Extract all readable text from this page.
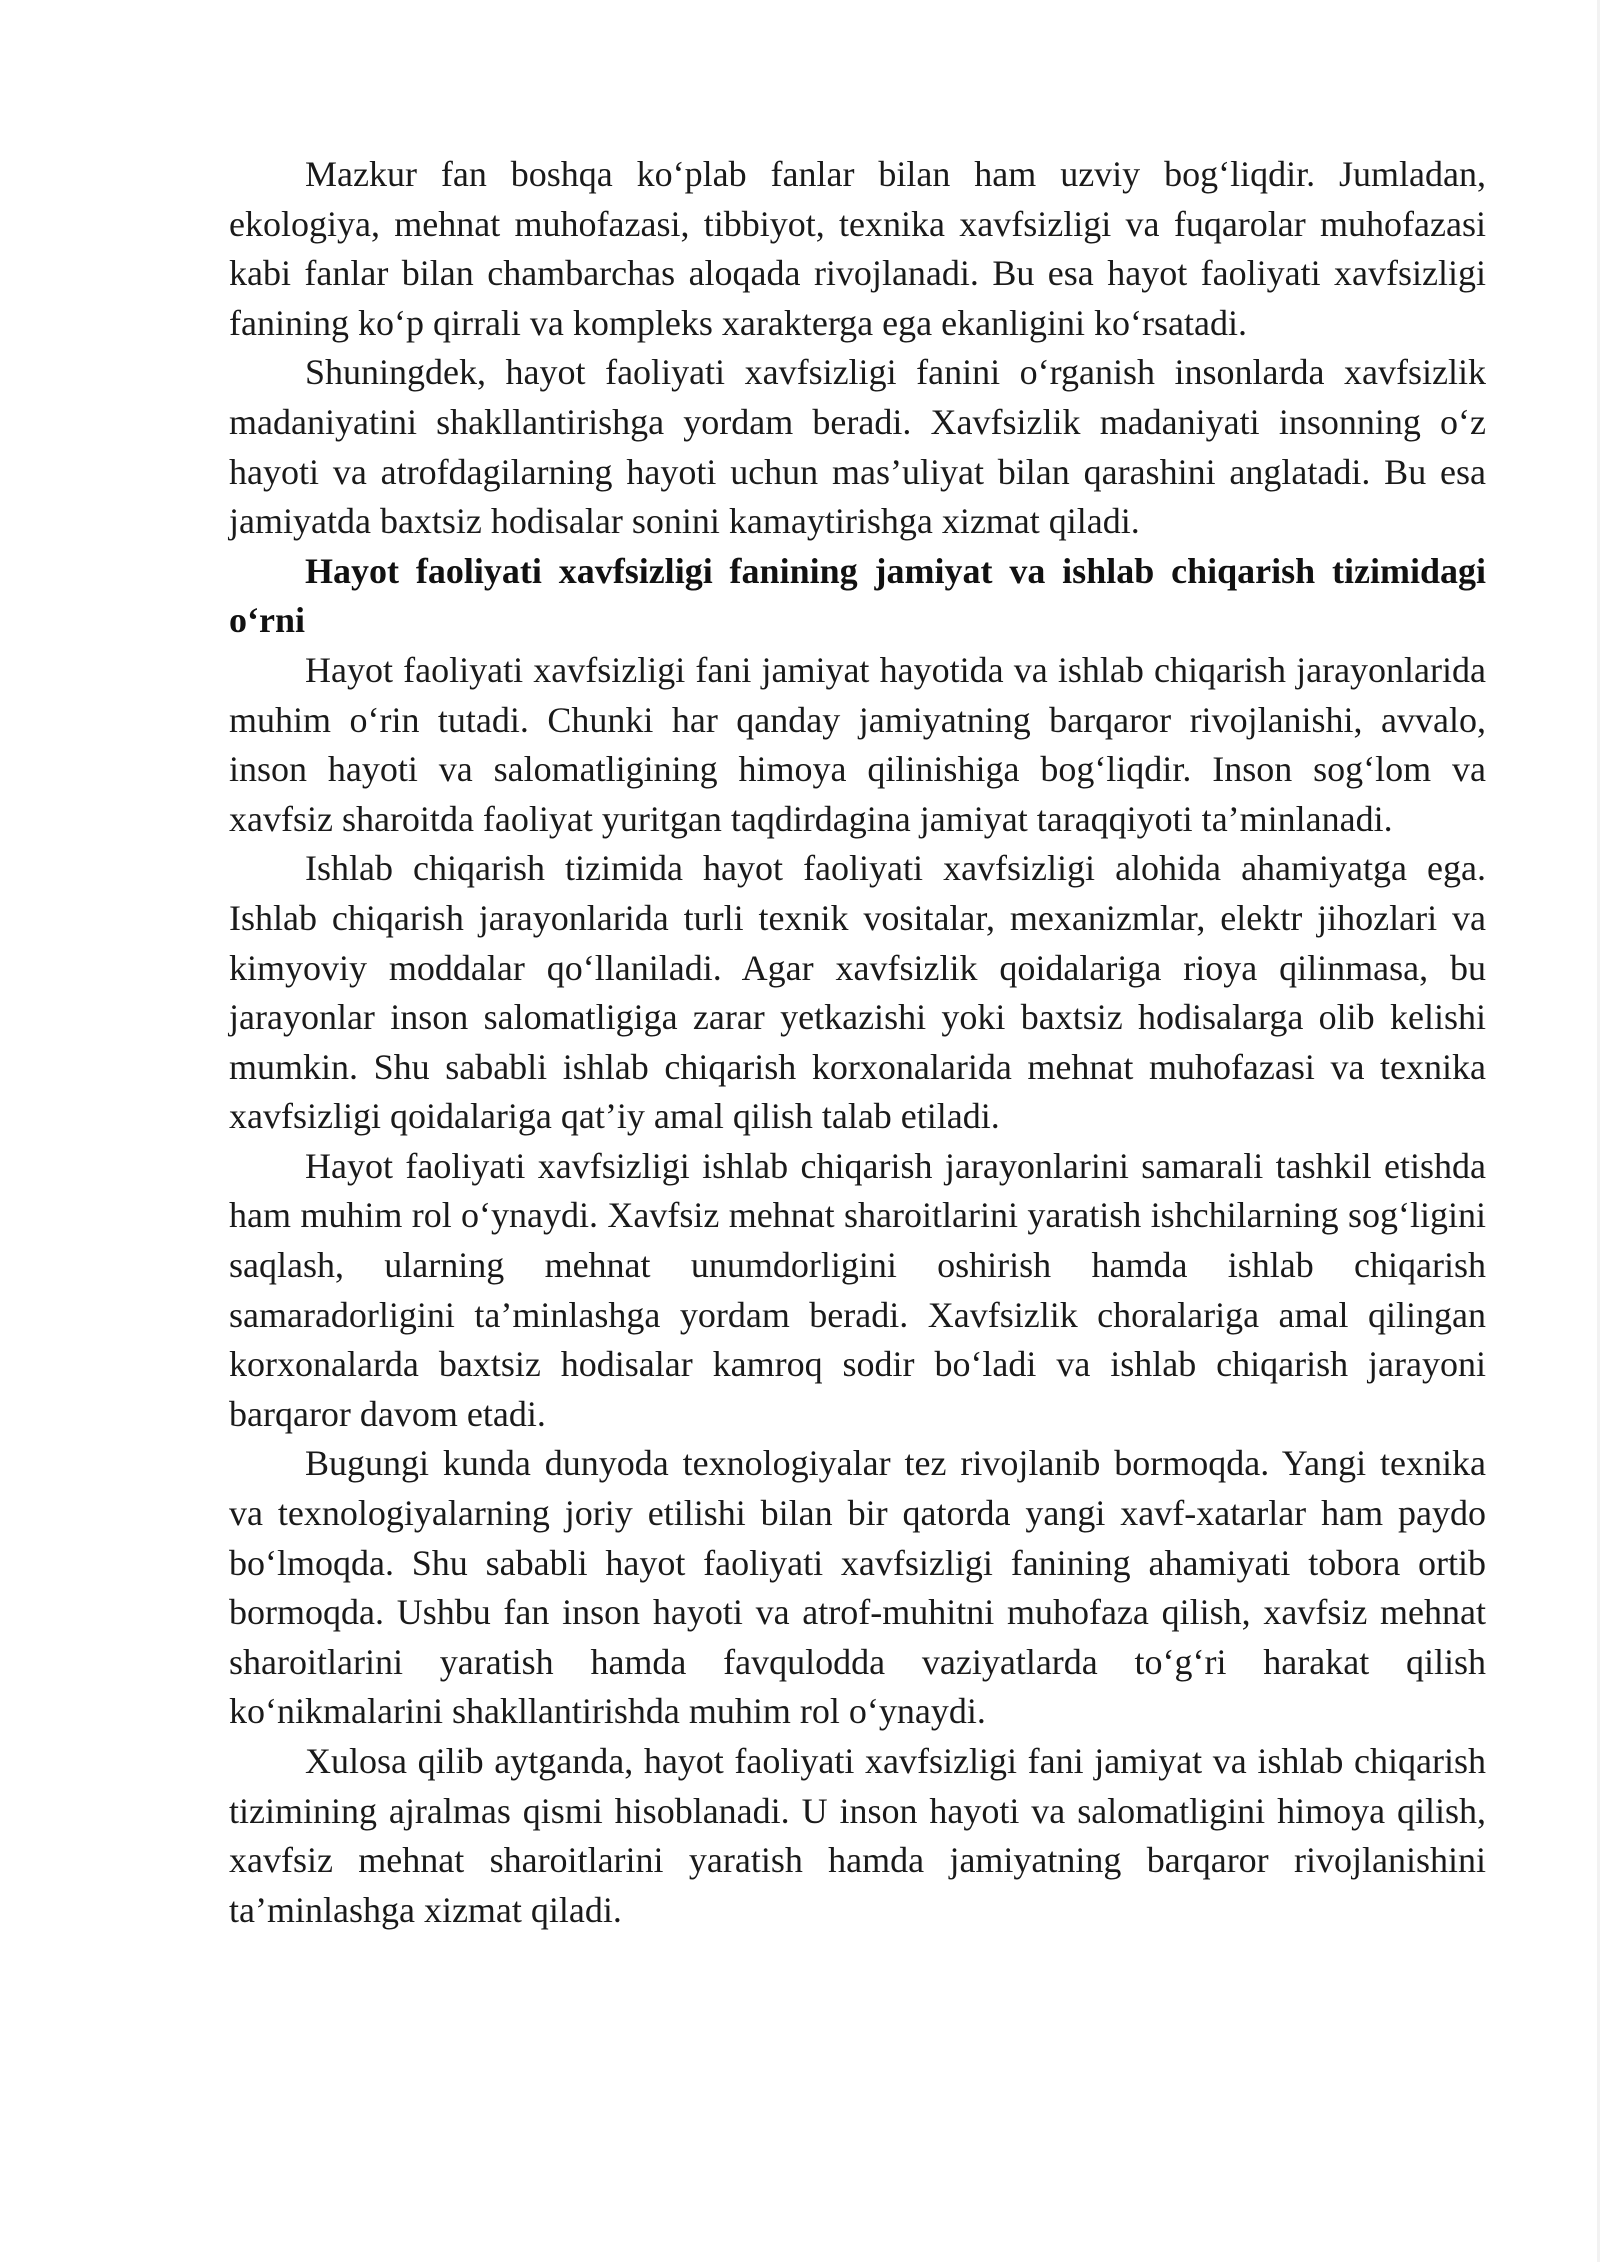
Mazkur fan boshqa ko‘plab fanlar bilan ham uzviy bog‘liqdir. Jumladan, ekologiya, mehnat muhofazasi, tibbiyot, texnika xavfsizligi va fuqarolar muhofazasi kabi fanlar bilan chambarchas aloqada rivojlanadi. Bu esa hayot faoliyati xavfsizligi fanining ko‘p qirrali va kompleks xarakterga ega ekanligini ko‘rsatadi.

Shuningdek, hayot faoliyati xavfsizligi fanini o‘rganish insonlarda xavfsizlik madaniyatini shakllantirishga yordam beradi. Xavfsizlik madaniyati insonning o‘z hayoti va atrofdagilarning hayoti uchun mas’uliyat bilan qarashini anglatadi. Bu esa jamiyatda baxtsiz hodisalar sonini kamaytirishga xizmat qiladi.

Hayot faoliyati xavfsizligi fanining jamiyat va ishlab chiqarish tizimidagi o‘rni

Hayot faoliyati xavfsizligi fani jamiyat hayotida va ishlab chiqarish jarayonlarida muhim o‘rin tutadi. Chunki har qanday jamiyatning barqaror rivojlanishi, avvalo, inson hayoti va salomatligining himoya qilinishiga bog‘liqdir. Inson sog‘lom va xavfsiz sharoitda faoliyat yuritgan taqdirdagina jamiyat taraqqiyoti ta’minlanadi.

Ishlab chiqarish tizimida hayot faoliyati xavfsizligi alohida ahamiyatga ega. Ishlab chiqarish jarayonlarida turli texnik vositalar, mexanizmlar, elektr jihozlari va kimyoviy moddalar qo‘llaniladi. Agar xavfsizlik qoidalariga rioya qilinmasa, bu jarayonlar inson salomatligiga zarar yetkazishi yoki baxtsiz hodisalarga olib kelishi mumkin. Shu sababli ishlab chiqarish korxonalarida mehnat muhofazasi va texnika xavfsizligi qoidalariga qat’iy amal qilish talab etiladi.

Hayot faoliyati xavfsizligi ishlab chiqarish jarayonlarini samarali tashkil etishda ham muhim rol o‘ynaydi. Xavfsiz mehnat sharoitlarini yaratish ishchilarning sog‘ligini saqlash, ularning mehnat unumdorligini oshirish hamda ishlab chiqarish samaradorligini ta’minlashga yordam beradi. Xavfsizlik choralariga amal qilingan korxonalarda baxtsiz hodisalar kamroq sodir bo‘ladi va ishlab chiqarish jarayoni barqaror davom etadi.

Bugungi kunda dunyoda texnologiyalar tez rivojlanib bormoqda. Yangi texnika va texnologiyalarning joriy etilishi bilan bir qatorda yangi xavf-xatarlar ham paydo bo‘lmoqda. Shu sababli hayot faoliyati xavfsizligi fanining ahamiyati tobora ortib bormoqda. Ushbu fan inson hayoti va atrof-muhitni muhofaza qilish, xavfsiz mehnat sharoitlarini yaratish hamda favqulodda vaziyatlarda to‘g‘ri harakat qilish ko‘nikmalarini shakllantirishda muhim rol o‘ynaydi.

Xulosa qilib aytganda, hayot faoliyati xavfsizligi fani jamiyat va ishlab chiqarish tizimining ajralmas qismi hisoblanadi. U inson hayoti va salomatligini himoya qilish, xavfsiz mehnat sharoitlarini yaratish hamda jamiyatning barqaror rivojlanishini ta’minlashga xizmat qiladi.
